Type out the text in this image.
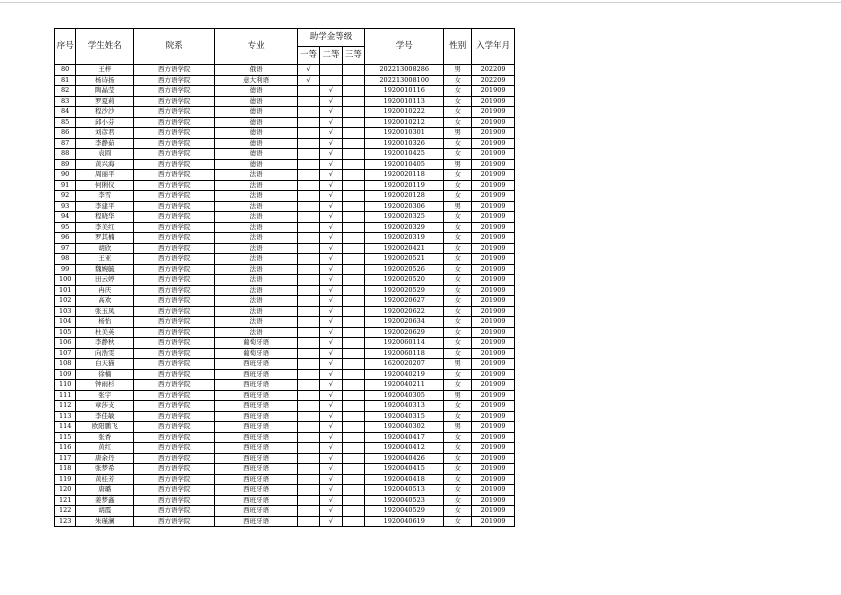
序号	学生姓名	院系	专业	助学金等级			学号	性别	入学年月
				一等	二等	三等			
80	王梓	西方语学院	俄语	√			202213008286	男	202209
81	杨诗扬	西方语学院	意大利语	√			202213008100	女	202209
82	陶晶莹	西方语学院	德语		√		1920010116	女	201909
83	罗夏莉	西方语学院	德语		√		1920010113	女	201909
84	程沙沙	西方语学院	德语		√		1920010222	女	201909
85	邱小芬	西方语学院	德语		√		1920010212	女	201909
86	刘彦君	西方语学院	德语		√		1920010301	男	201909
87	李静茹	西方语学院	德语		√		1920010326	女	201909
88	袁圆	西方语学院	德语		√		1920010425	女	201909
89	黄兴海	西方语学院	德语		√		1920010405	男	201909
90	周丽平	西方语学院	法语		√		1920020118	女	201909
91	何俐仪	西方语学院	法语		√		1920020119	女	201909
92	李雪	西方语学院	法语		√		1920020128	女	201909
93	李建平	西方语学院	法语		√		1920020306	男	201909
94	程晓华	西方语学院	法语		√		1920020325	女	201909
95	李美红	西方语学院	法语		√		1920020329	女	201909
96	罗其楠	西方语学院	法语		√		1920020319	女	201909
97	胡欣	西方语学院	法语		√		1920020421	女	201909
98	王亚	西方语学院	法语		√		1920020521	女	201909
99	魏婉毓	西方语学院	法语		√		1920020526	女	201909
100	田云婷	西方语学院	法语		√		1920020520	女	201909
101	冉庆	西方语学院	法语		√		1920020529	女	201909
102	高欢	西方语学院	法语		√		1920020627	女	201909
103	张玉凤	西方语学院	法语		√		1920020622	女	201909
104	杨怡	西方语学院	法语		√		1920020634	女	201909
105	杜美英	西方语学院	法语		√		1920020629	女	201909
106	李静秋	西方语学院	葡萄牙语		√		1920060114	女	201909
107	向浩雯	西方语学院	葡萄牙语		√		1920060118	女	201909
108	白天猫	西方语学院	西班牙语		√		1620020207	男	201909
109	徐楠	西方语学院	西班牙语		√		1920040219	女	201909
110	钟雨杉	西方语学院	西班牙语		√		1920040211	女	201909
111	张宇	西方语学院	西班牙语		√		1920040305	男	201909
112	章莎支	西方语学院	西班牙语		√		1920040313	女	201909
113	李佳敏	西方语学院	西班牙语		√		1920040315	女	201909
114	欧阳鹏飞	西方语学院	西班牙语		√		1920040302	男	201909
115	张香	西方语学院	西班牙语		√		1920040417	女	201909
116	黄红	西方语学院	西班牙语		√		1920040412	女	201909
117	唐余丹	西方语学院	西班牙语		√		1920040426	女	201909
118	张梦希	西方语学院	西班牙语		√		1920040415	女	201909
119	黄桂芳	西方语学院	西班牙语		√		1920040418	女	201909
120	唐璐	西方语学院	西班牙语		√		1920040513	女	201909
121	姜梦鑫	西方语学院	西班牙语		√		1920040523	女	201909
122	胡霞	西方语学院	西班牙语		√		1920040529	女	201909
123	朱瑾澜	西方语学院	西班牙语		√		1920040619	女	201909
